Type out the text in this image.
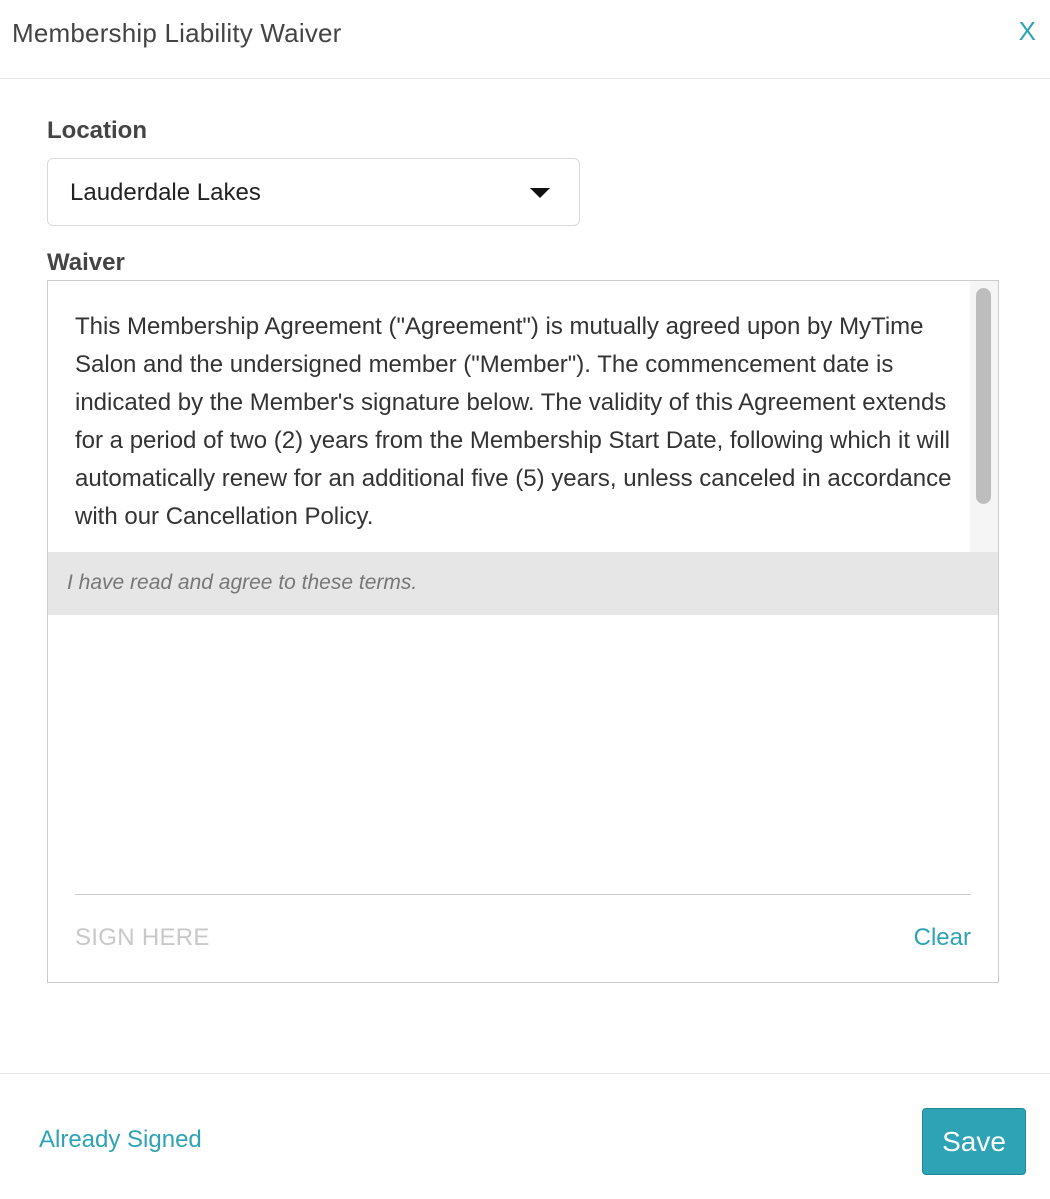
Membership Liability Waiver	X
Location
Lauderdale Lakes
Waiver

This Membership Agreement ("Agreement") is mutually agreed upon by MyTime Salon and the undersigned member ("Member"). The commencement date is indicated by the Member's signature below. The validity of this Agreement extends for a period of two (2) years from the Membership Start Date, following which it will automatically renew for an additional five (5) years, unless canceled in accordance with our Cancellation Policy.

I have read and agree to these terms.
SIGN HERE	Clear
Already Signed	Save
